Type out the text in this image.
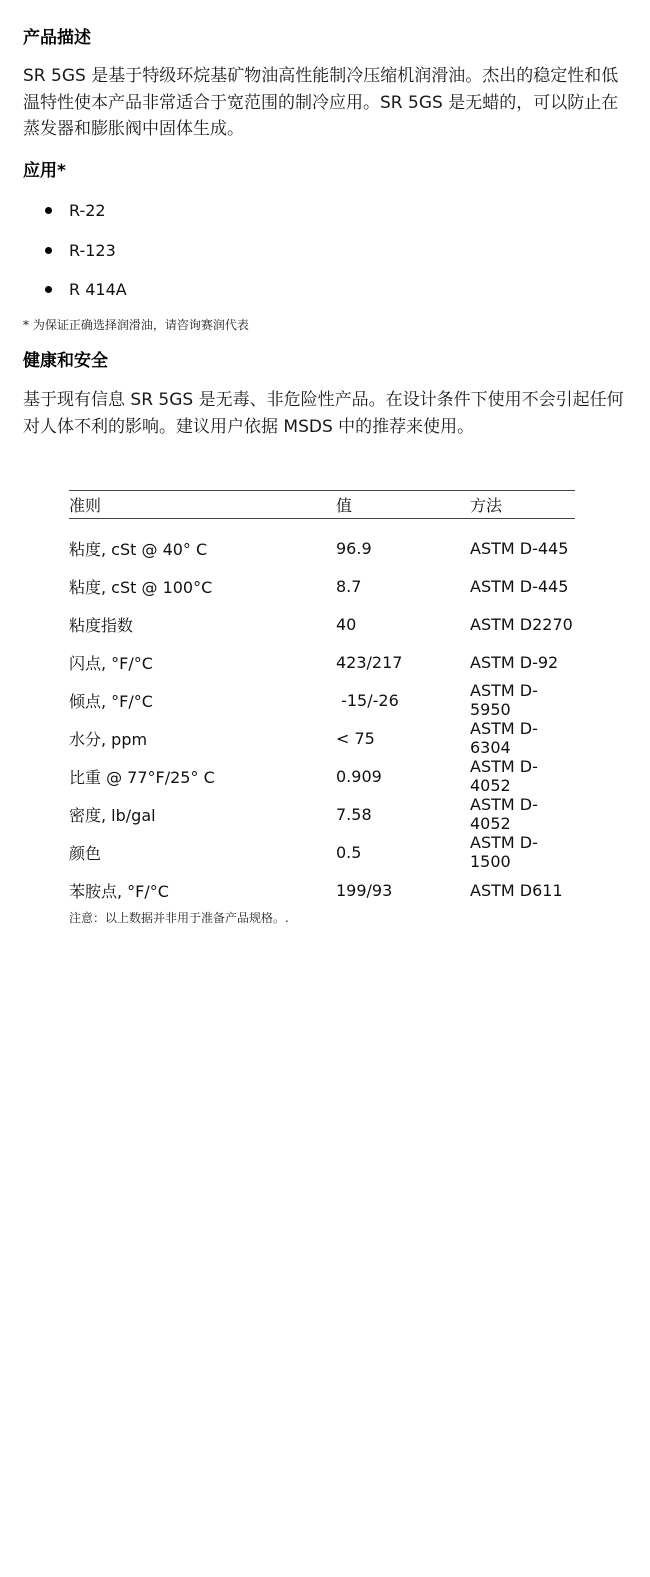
产品描述

SR 5GS 是基于特级环烷基矿物油高性能制冷压缩机润滑油。杰出的稳定性和低温特性使本产品非常适合于宽范围的制冷应用。SR 5GS 是无蜡的，可以防止在蒸发器和膨胀阀中固体生成。

应用*
R-22
R-123
R 414A

* 为保证正确选择润滑油，请咨询赛润代表

健康和安全

基于现有信息 SR 5GS 是无毒、非危险性产品。在设计条件下使用不会引起任何对人体不利的影响。建议用户依据 MSDS 中的推荐来使用。

准则	值	方法
粘度, cSt @ 40° C	96.9	ASTM D-445
粘度, cSt @ 100°C	8.7	ASTM D-445
粘度指数	40	ASTM D2270
闪点, °F/°C	423/217	ASTM D-92
倾点, °F/°C	-15/-26	ASTM D-5950
水分, ppm	< 75	ASTM D-6304
比重 @ 77°F/25° C	0.909	ASTM D-4052
密度, lb/gal	7.58	ASTM D-4052
颜色	0.5	ASTM D-1500
苯胺点, °F/°C	199/93	ASTM D611

注意：以上数据并非用于准备产品规格。.
